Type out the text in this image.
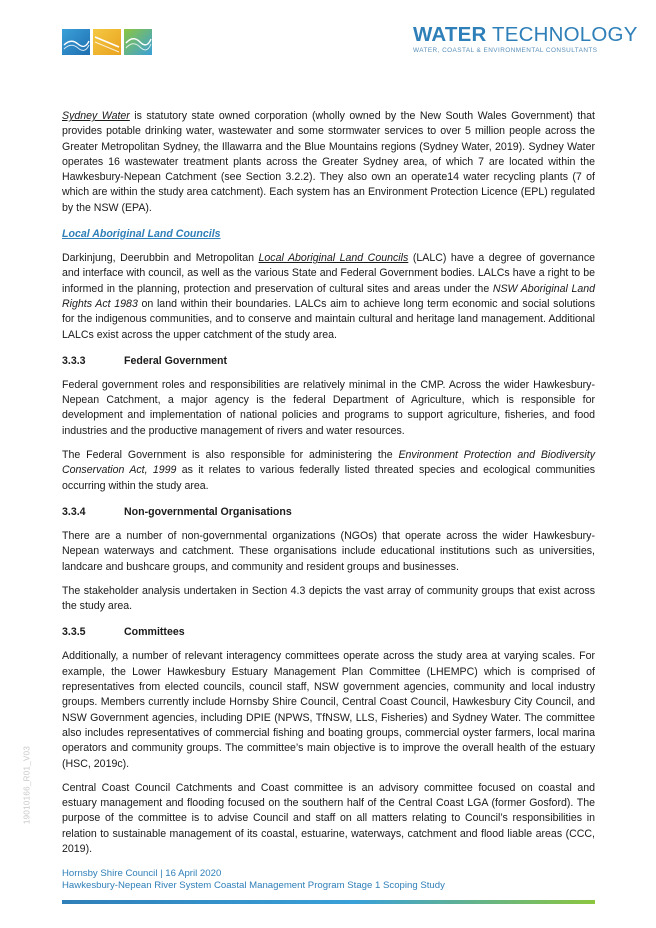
WATER TECHNOLOGY
WATER, COASTAL & ENVIRONMENTAL CONSULTANTS

Sydney Water is statutory state owned corporation (wholly owned by the New South Wales Government) that provides potable drinking water, wastewater and some stormwater services to over 5 million people across the Greater Metropolitan Sydney, the Illawarra and the Blue Mountains regions (Sydney Water, 2019). Sydney Water operates 16 wastewater treatment plants across the Greater Sydney area, of which 7 are located within the Hawkesbury-Nepean Catchment (see Section 3.2.2). They also own an operate14 water recycling plants (7 of which are within the study area catchment). Each system has an Environment Protection Licence (EPL) regulated by the NSW (EPA).

Local Aboriginal Land Councils

Darkinjung, Deerubbin and Metropolitan Local Aboriginal Land Councils (LALC) have a degree of governance and interface with council, as well as the various State and Federal Government bodies. LALCs have a right to be informed in the planning, protection and preservation of cultural sites and areas under the NSW Aboriginal Land Rights Act 1983 on land within their boundaries. LALCs aim to achieve long term economic and social solutions for the indigenous communities, and to conserve and maintain cultural and heritage land management. Additional LALCs exist across the upper catchment of the study area.

3.3.3	Federal Government

Federal government roles and responsibilities are relatively minimal in the CMP. Across the wider Hawkesbury-Nepean Catchment, a major agency is the federal Department of Agriculture, which is responsible for development and implementation of national policies and programs to support agriculture, fisheries, and food industries and the productive management of rivers and water resources.

The Federal Government is also responsible for administering the Environment Protection and Biodiversity Conservation Act, 1999 as it relates to various federally listed threated species and ecological communities occurring within the study area.

3.3.4	Non-governmental Organisations

There are a number of non-governmental organizations (NGOs) that operate across the wider Hawkesbury-Nepean waterways and catchment. These organisations include educational institutions such as universities, landcare and bushcare groups, and community and resident groups and businesses.

The stakeholder analysis undertaken in Section 4.3 depicts the vast array of community groups that exist across the study area.

3.3.5	Committees

Additionally, a number of relevant interagency committees operate across the study area at varying scales. For example, the Lower Hawkesbury Estuary Management Plan Committee (LHEMPC) which is comprised of representatives from elected councils, council staff, NSW government agencies, community and local industry groups. Members currently include Hornsby Shire Council, Central Coast Council, Hawkesbury City Council, and NSW Government agencies, including DPIE (NPWS, TfNSW, LLS, Fisheries) and Sydney Water. The committee also includes representatives of commercial fishing and boating groups, commercial oyster farmers, local marina operators and community groups. The committee’s main objective is to improve the overall health of the estuary (HSC, 2019c).

Central Coast Council Catchments and Coast committee is an advisory committee focused on coastal and estuary management and flooding focused on the southern half of the Central Coast LGA (former Gosford). The purpose of the committee is to advise Council and staff on all matters relating to Council’s responsibilities in relation to sustainable management of its coastal, estuarine, waterways, catchment and flood liable areas (CCC, 2019).

19010166_R01_V03
Hornsby Shire Council | 16 April 2020
Hawkesbury-Nepean River System Coastal Management Program Stage 1 Scoping Study
